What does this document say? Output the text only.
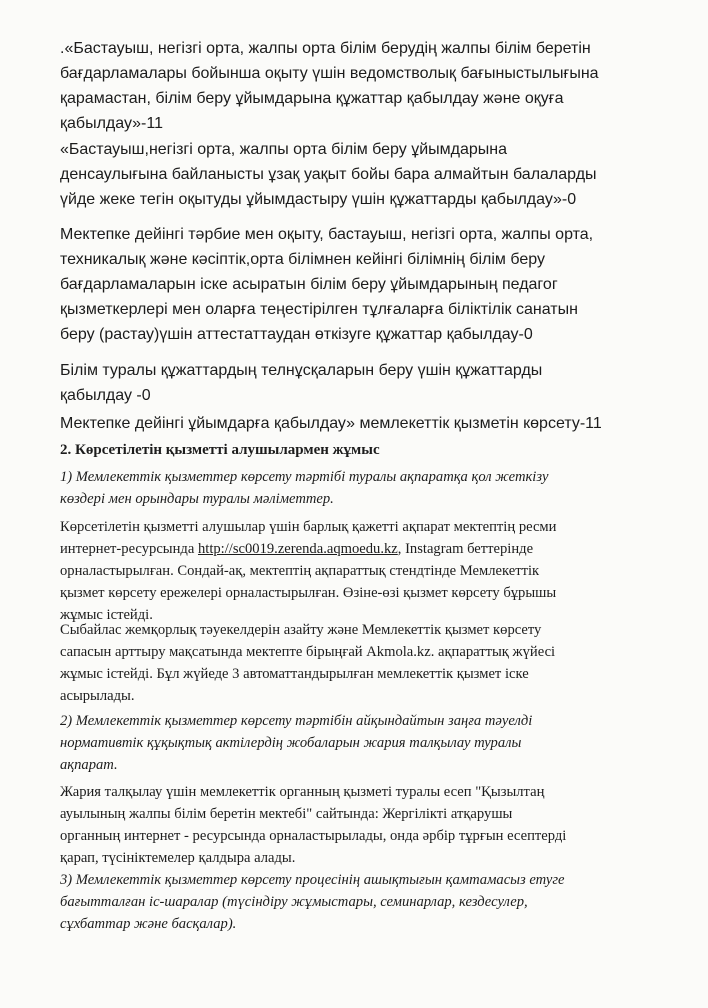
.«Бастауыш, негізгі орта, жалпы орта білім берудің жалпы білім беретін
бағдарламалары бойынша оқыту үшін ведомстволық бағыныстылығына
қарамастан, білім беру ұйымдарына құжаттар қабылдау және оқуға
қабылдау»-11

«Бастауыш,негізгі орта, жалпы орта білім беру ұйымдарына
денсаулығына байланысты ұзақ уақыт бойы бара алмайтын балаларды
үйде жеке тегін оқытуды ұйымдастыру үшін құжаттарды қабылдау»-0

Мектепке дейінгі тәрбие мен оқыту, бастауыш, негізгі орта, жалпы орта,
техникалық және кәсіптік,орта білімнен кейінгі білімнің білім беру
бағдарламаларын іске асыратын білім беру ұйымдарының педагог
қызметкерлері мен оларға теңестірілген тұлғаларға біліктілік санатын
беру (растау)үшін аттестаттаудан өткізуге құжаттар қабылдау-0

Білім туралы құжаттардың телнұсқаларын беру үшін құжаттарды
қабылдау -0

Мектепке дейінгі ұйымдарға қабылдау» мемлекеттік қызметін көрсету-11

2. Көрсетілетін қызметті алушылармен жұмыс

1) Мемлекеттік қызметтер көрсету тәртібі туралы ақпаратқа қол жеткізу
көздері мен орындары туралы мәліметтер.

Көрсетілетін қызметті алушылар үшін барлық қажетті ақпарат мектептің ресми
интернет-ресурсында http://sc0019.zerenda.aqmoedu.kz, Instagram беттерінде
орналастырылған. Сондай-ақ, мектептің ақпараттық стендтінде Мемлекеттік
қызмет көрсету ережелері орналастырылған. Өзіне-өзі қызмет көрсету бұрышы
жұмыс істейді.

Сыбайлас жемқорлық тәуекелдерін азайту және Мемлекеттік қызмет көрсету
сапасын арттыру мақсатында мектепте бірыңғай Akmola.kz. ақпараттық жүйесі
жұмыс істейді. Бұл жүйеде 3 автоматтандырылған мемлекеттік қызмет іске
асырылады.

2) Мемлекеттік қызметтер көрсету тәртібін айқындайтын заңға тәуелді
нормативтік құқықтық актілердің жобаларын жария талқылау туралы
ақпарат.

Жария талқылау үшін мемлекеттік органның қызметі туралы есеп "Қызылтаң
ауылының жалпы білім беретін мектебі" сайтында: Жергілікті атқарушы
органның интернет - ресурсында орналастырылады, онда әрбір тұрғын есептерді
қарап, түсініктемелер қалдыра алады.

3) Мемлекеттік қызметтер көрсету процесінің ашықтығын қамтамасыз етуге
бағытталған іс-шаралар (түсіндіру жұмыстары, семинарлар, кездесулер,
сұхбаттар және басқалар).
